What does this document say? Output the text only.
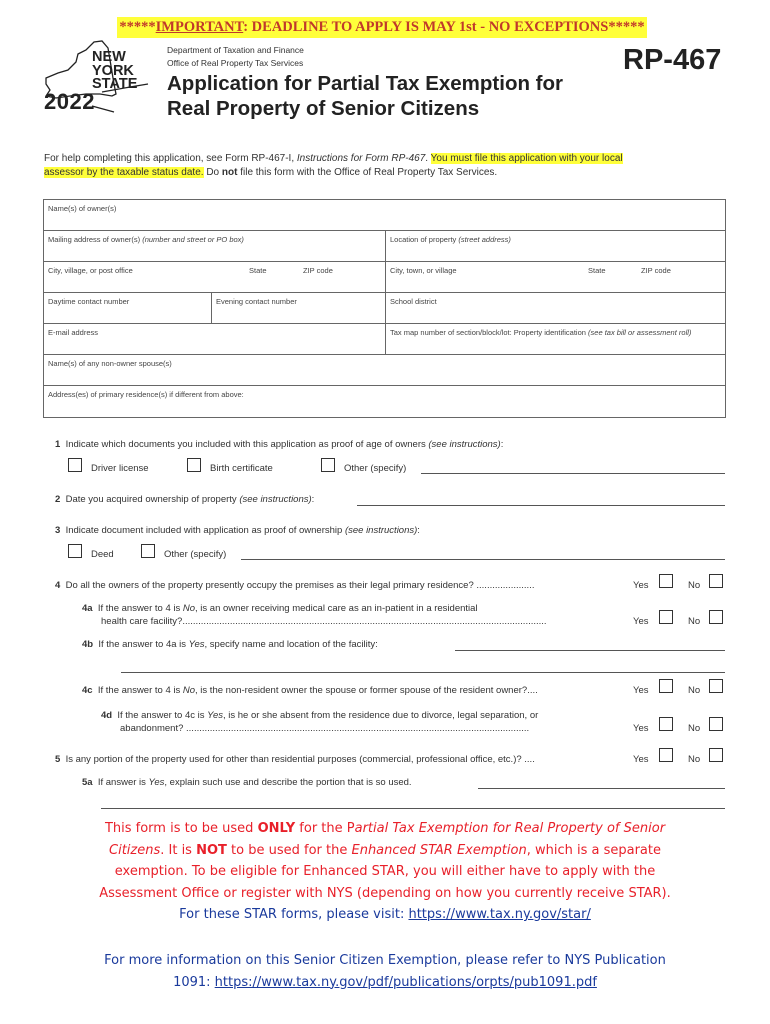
*****IMPORTANT: DEADLINE TO APPLY IS MAY 1st - NO EXCEPTIONS*****
NEW
YORK
STATE
2022
Department of Taxation and Finance
Office of Real Property Tax Services
Application for Partial Tax Exemption for
Real Property of Senior Citizens
RP-467
For help completing this application, see Form RP-467-I, Instructions for Form RP-467. You must file this application with your local
assessor by the taxable status date. Do not file this form with the Office of Real Property Tax Services.
Name(s) of owner(s)
Mailing address of owner(s) (number and street or PO box)	Location of property (street address)
City, village, or post office	State	ZIP code	City, town, or village	State	ZIP code
Daytime contact number	Evening contact number	School district
E-mail address	Tax map number of section/block/lot: Property identification (see tax bill or assessment roll)
Name(s) of any non-owner spouse(s)
Address(es) of primary residence(s) if different from above:
1 Indicate which documents you included with this application as proof of age of owners (see instructions):
Driver license	Birth certificate	Other (specify)
2 Date you acquired ownership of property (see instructions):
3 Indicate document included with application as proof of ownership (see instructions):
Deed	Other (specify)
4 Do all the owners of the property presently occupy the premises as their legal primary residence? ......................	Yes	No
4a If the answer to 4 is No, is an owner receiving medical care as an in-patient in a residential
health care facility?..........................................................................................................................................	Yes	No
4b If the answer to 4a is Yes, specify name and location of the facility:
4c If the answer to 4 is No, is the non-resident owner the spouse or former spouse of the resident owner?....	Yes	No
4d If the answer to 4c is Yes, is he or she absent from the residence due to divorce, legal separation, or
abandonment? ..................................................................................................................................	Yes	No
5 Is any portion of the property used for other than residential purposes (commercial, professional office, etc.)? ....	Yes	No
5a If answer is Yes, explain such use and describe the portion that is so used.
This form is to be used ONLY for the Partial Tax Exemption for Real Property of Senior
Citizens. It is NOT to be used for the Enhanced STAR Exemption, which is a separate
exemption. To be eligible for Enhanced STAR, you will either have to apply with the
Assessment Office or register with NYS (depending on how you currently receive STAR).
For these STAR forms, please visit: https://www.tax.ny.gov/star/
For more information on this Senior Citizen Exemption, please refer to NYS Publication
1091: https://www.tax.ny.gov/pdf/publications/orpts/pub1091.pdf
